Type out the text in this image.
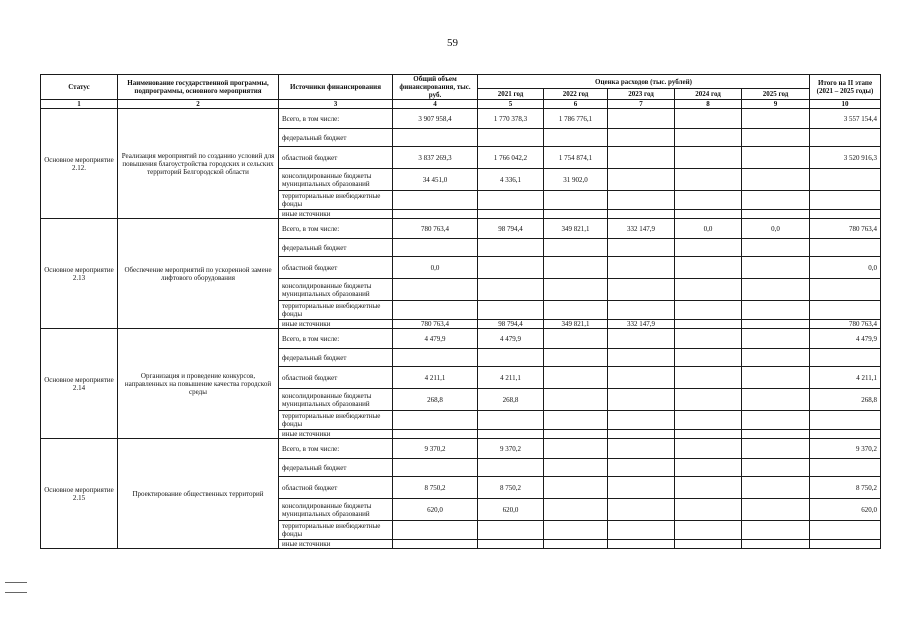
59
Статус	Наименование государственной программы, подпрограммы, основного мероприятия	Источники финансирования	Общий объем финансирования, тыс. руб.	Оценка расходов (тыс. рублей)					Итого на II этапе (2021 – 2025 годы)
				2021 год	2022 год	2023 год	2024 год	2025 год	
1	2	3	4	5	6	7	8	9	10
Основное мероприятие 2.12.	Реализация мероприятий по созданию условий для повышения благоустройства городских и сельских территорий Белгородской области	Всего, в том числе:	3 907 958,4	1 770 378,3	1 786 776,1				3 557 154,4
		федеральный бюджет							
		областной бюджет	3 837 269,3	1 766 042,2	1 754 874,1				3 520 916,3
		консолидированные бюджеты муниципальных образований	34 451,0	4 336,1	31 902,0				
		территориальные внебюджетные фонды							
		иные источники							
Основное мероприятие 2.13	Обеспечение мероприятий по ускоренной замене лифтового оборудования	Всего, в том числе:	780 763,4	98 794,4	349 821,1	332 147,9	0,0	0,0	780 763,4
		федеральный бюджет							
		областной бюджет	0,0						0,0
		консолидированные бюджеты муниципальных образований							
		территориальные внебюджетные фонды							
		иные источники	780 763,4	98 794,4	349 821,1	332 147,9			780 763,4
Основное мероприятие 2.14	Организация и проведение конкурсов, направленных на повышение качества городской среды	Всего, в том числе:	4 479,9	4 479,9					4 479,9
		федеральный бюджет							
		областной бюджет	4 211,1	4 211,1					4 211,1
		консолидированные бюджеты муниципальных образований	268,8	268,8					268,8
		территориальные внебюджетные фонды							
		иные источники							
Основное мероприятие 2.15	Проектирование общественных территорий	Всего, в том числе:	9 370,2	9 370,2					9 370,2
		федеральный бюджет							
		областной бюджет	8 750,2	8 750,2					8 750,2
		консолидированные бюджеты муниципальных образований	620,0	620,0					620,0
		территориальные внебюджетные фонды							
		иные источники							
